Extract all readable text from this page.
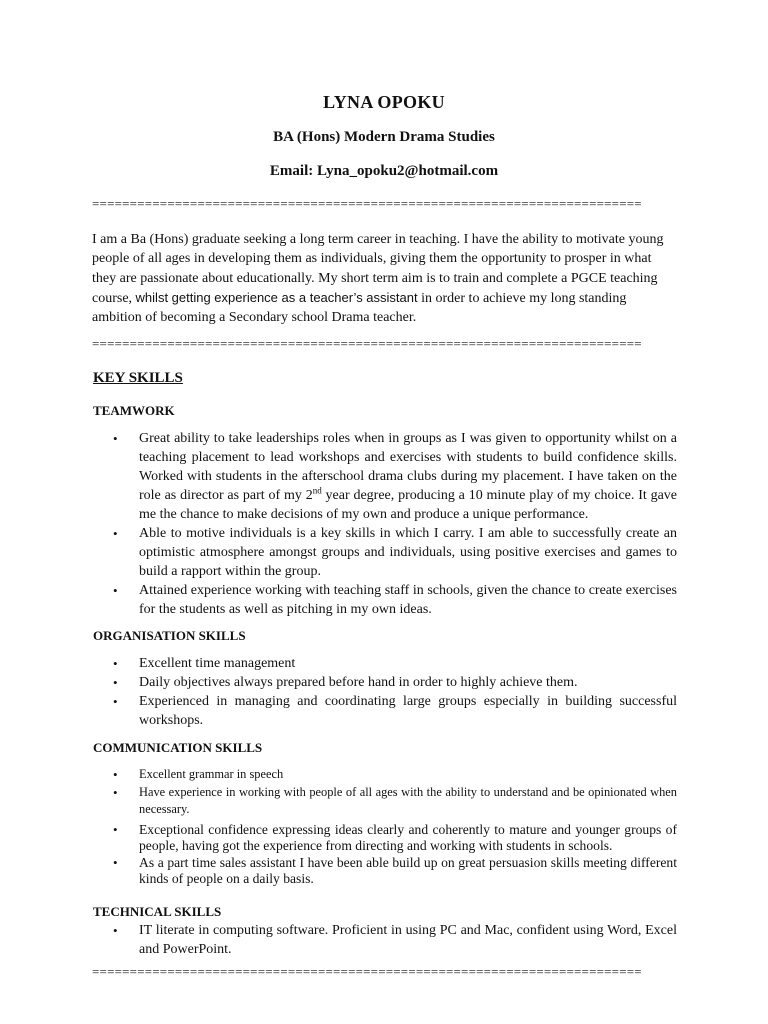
LYNA OPOKU
BA (Hons) Modern Drama Studies
Email: Lyna_opoku2@hotmail.com
=========================================================================
I am a Ba (Hons) graduate seeking a long term career in teaching. I have the ability to motivate young people of all ages in developing them as individuals, giving them the opportunity to prosper in what they are passionate about educationally. My short term aim is to train and complete a PGCE teaching course, whilst getting experience as a teacher’s assistant in order to achieve my long standing ambition of becoming a Secondary school Drama teacher.
=========================================================================
KEY SKILLS
TEAMWORK
• Great ability to take leaderships roles when in groups as I was given to opportunity whilst on a teaching placement to lead workshops and exercises with students to build confidence skills. Worked with students in the afterschool drama clubs during my placement. I have taken on the role as director as part of my 2nd year degree, producing a 10 minute play of my choice. It gave me the chance to make decisions of my own and produce a unique performance.
• Able to motive individuals is a key skills in which I carry. I am able to successfully create an optimistic atmosphere amongst groups and individuals, using positive exercises and games to build a rapport within the group.
• Attained experience working with teaching staff in schools, given the chance to create exercises for the students as well as pitching in my own ideas.
ORGANISATION SKILLS
• Excellent time management
• Daily objectives always prepared before hand in order to highly achieve them.
• Experienced in managing and coordinating large groups especially in building successful workshops.
COMMUNICATION SKILLS
• Excellent grammar in speech
• Have experience in working with people of all ages with the ability to understand and be opinionated when necessary.
• Exceptional confidence expressing ideas clearly and coherently to mature and younger groups of people, having got the experience from directing and working with students in schools.
• As a part time sales assistant I have been able build up on great persuasion skills meeting different kinds of people on a daily basis.
TECHNICAL SKILLS
• IT literate in computing software. Proficient in using PC and Mac, confident using Word, Excel and PowerPoint.
=========================================================================
